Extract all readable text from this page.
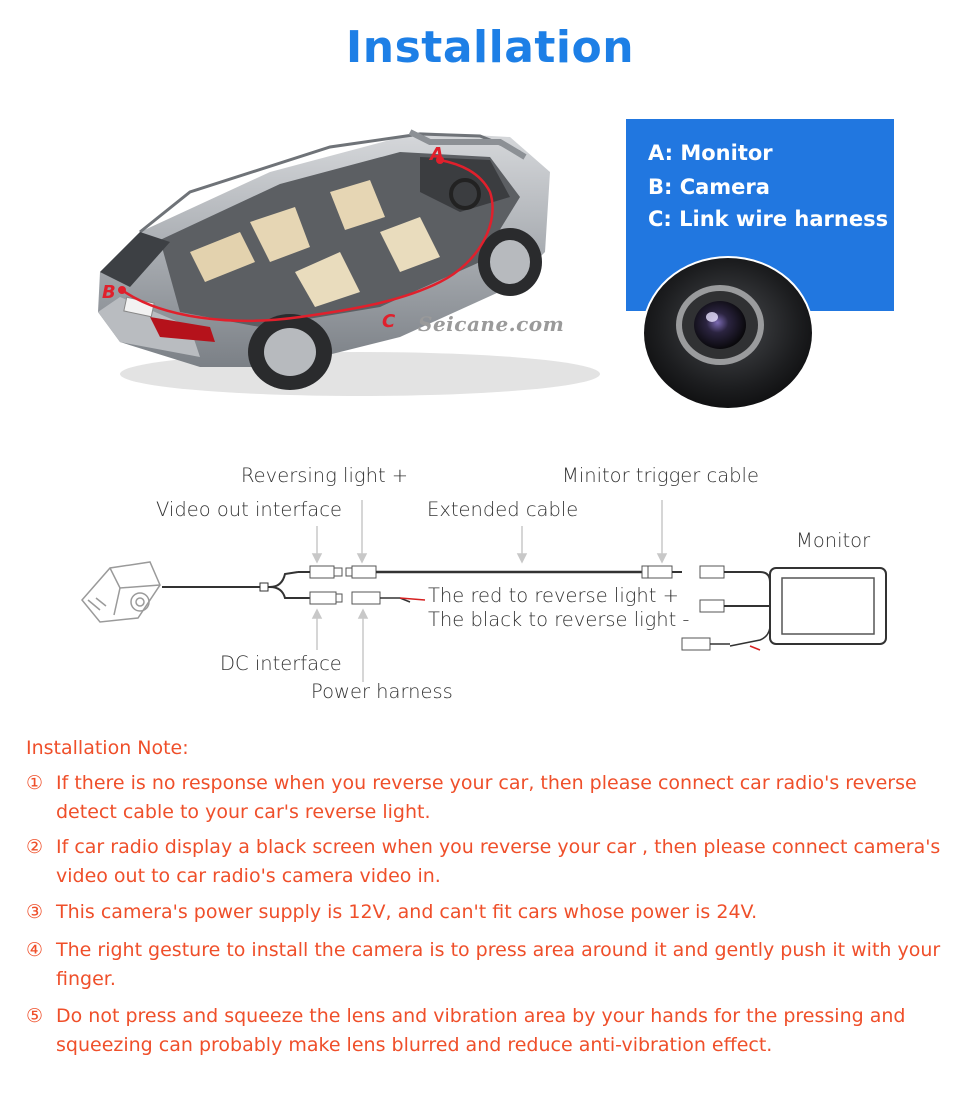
Installation
A
B
C Seicane.com
A: Monitor
B: Camera
C: Link wire harness
Reversing light +
Video out interface	Extended cable
Minitor trigger cable
Monitor
The red to reverse light +
The black to reverse light -
DC interface
Power harness
Installation Note:
① If there is no response when you reverse your car, then please connect car radio's reverse detect cable to your car's reverse light.
② If car radio display a black screen when you reverse your car , then please connect camera's video out to car radio's camera video in.
③ This camera's power supply is 12V, and can't fit cars whose power is 24V.
④ The right gesture to install the camera is to press area around it and gently push it with your finger.
⑤ Do not press and squeeze the lens and vibration area by your hands for the pressing and squeezing can probably make lens blurred and reduce anti-vibration effect.
